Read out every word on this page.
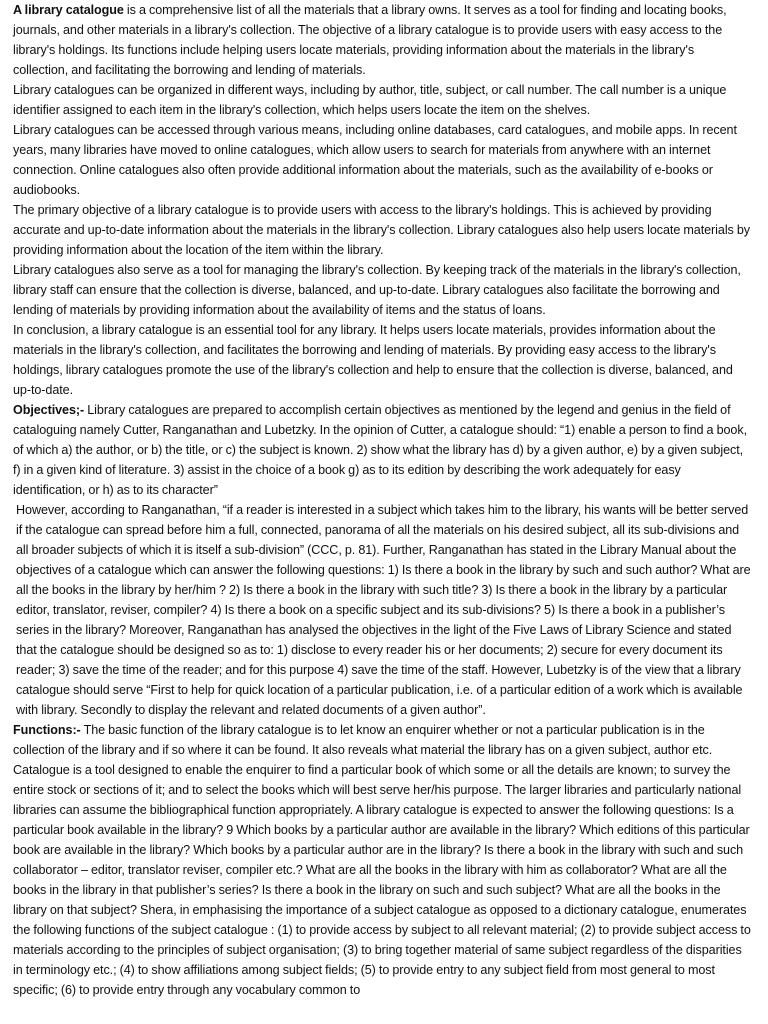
A library catalogue is a comprehensive list of all the materials that a library owns. It serves as a tool for finding and locating books, journals, and other materials in a library's collection. The objective of a library catalogue is to provide users with easy access to the library's holdings. Its functions include helping users locate materials, providing information about the materials in the library's collection, and facilitating the borrowing and lending of materials.

Library catalogues can be organized in different ways, including by author, title, subject, or call number. The call number is a unique identifier assigned to each item in the library's collection, which helps users locate the item on the shelves.

Library catalogues can be accessed through various means, including online databases, card catalogues, and mobile apps. In recent years, many libraries have moved to online catalogues, which allow users to search for materials from anywhere with an internet connection. Online catalogues also often provide additional information about the materials, such as the availability of e-books or audiobooks.

The primary objective of a library catalogue is to provide users with access to the library's holdings. This is achieved by providing accurate and up-to-date information about the materials in the library's collection. Library catalogues also help users locate materials by providing information about the location of the item within the library.

Library catalogues also serve as a tool for managing the library's collection. By keeping track of the materials in the library's collection, library staff can ensure that the collection is diverse, balanced, and up-to-date. Library catalogues also facilitate the borrowing and lending of materials by providing information about the availability of items and the status of loans.

In conclusion, a library catalogue is an essential tool for any library. It helps users locate materials, provides information about the materials in the library's collection, and facilitates the borrowing and lending of materials. By providing easy access to the library's holdings, library catalogues promote the use of the library's collection and help to ensure that the collection is diverse, balanced, and up-to-date.

Objectives;- Library catalogues are prepared to accomplish certain objectives as mentioned by the legend and genius in the field of cataloguing namely Cutter, Ranganathan and Lubetzky. In the opinion of Cutter, a catalogue should: “1) enable a person to find a book, of which a) the author, or b) the title, or c) the subject is known. 2) show what the library has d) by a given author, e) by a given subject, f) in a given kind of literature. 3) assist in the choice of a book g) as to its edition by describing the work adequately for easy identification, or h) as to its character”

However, according to Ranganathan, “if a reader is interested in a subject which takes him to the library, his wants will be better served if the catalogue can spread before him a full, connected, panorama of all the materials on his desired subject, all its sub-divisions and all broader subjects of which it is itself a sub-division” (CCC, p. 81). Further, Ranganathan has stated in the Library Manual about the objectives of a catalogue which can answer the following questions: 1) Is there a book in the library by such and such author? What are all the books in the library by her/him ? 2) Is there a book in the library with such title? 3) Is there a book in the library by a particular editor, translator, reviser, compiler? 4) Is there a book on a specific subject and its sub-divisions? 5) Is there a book in a publisher’s series in the library? Moreover, Ranganathan has analysed the objectives in the light of the Five Laws of Library Science and stated that the catalogue should be designed so as to: 1) disclose to every reader his or her documents; 2) secure for every document its reader; 3) save the time of the reader; and for this purpose 4) save the time of the staff. However, Lubetzky is of the view that a library catalogue should serve “First to help for quick location of a particular publication, i.e. of a particular edition of a work which is available with library. Secondly to display the relevant and related documents of a given author”.

Functions:- The basic function of the library catalogue is to let know an enquirer whether or not a particular publication is in the collection of the library and if so where it can be found. It also reveals what material the library has on a given subject, author etc. Catalogue is a tool designed to enable the enquirer to find a particular book of which some or all the details are known; to survey the entire stock or sections of it; and to select the books which will best serve her/his purpose. The larger libraries and particularly national libraries can assume the bibliographical function appropriately. A library catalogue is expected to answer the following questions: Is a particular book available in the library? 9 Which books by a particular author are available in the library? Which editions of this particular book are available in the library? Which books by a particular author are in the library? Is there a book in the library with such and such collaborator – editor, translator reviser, compiler etc.? What are all the books in the library with him as collaborator? What are all the books in the library in that publisher’s series? Is there a book in the library on such and such subject? What are all the books in the library on that subject? Shera, in emphasising the importance of a subject catalogue as opposed to a dictionary catalogue, enumerates the following functions of the subject catalogue : (1) to provide access by subject to all relevant material; (2) to provide subject access to materials according to the principles of subject organisation; (3) to bring together material of same subject regardless of the disparities in terminology etc.; (4) to show affiliations among subject fields; (5) to provide entry to any subject field from most general to most specific; (6) to provide entry through any vocabulary common to
